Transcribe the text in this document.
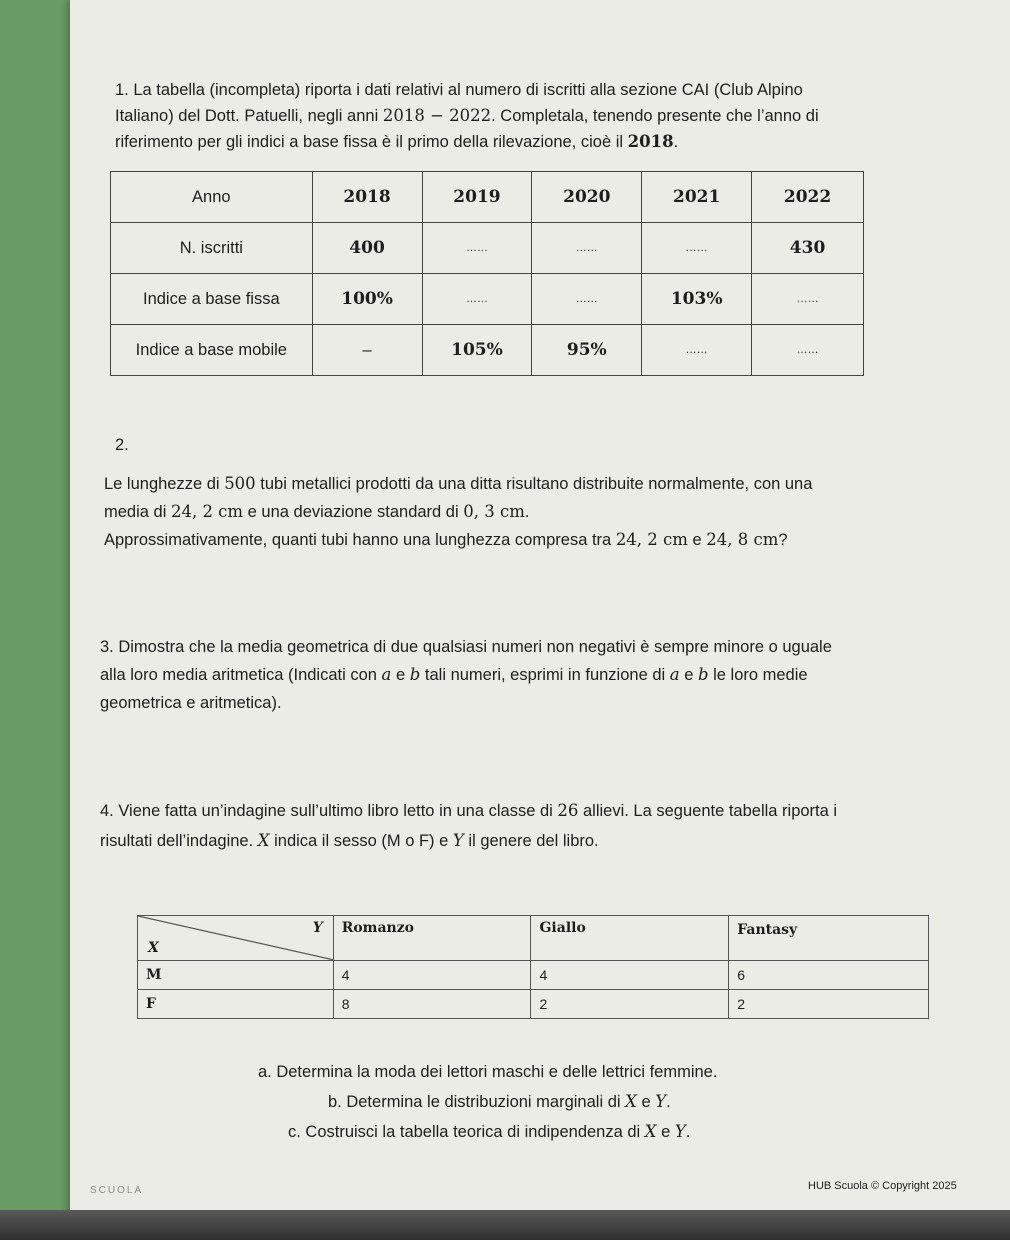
1. La tabella (incompleta) riporta i dati relativi al numero di iscritti alla sezione CAI (Club Alpino
Italiano) del Dott. Patuelli, negli anni 2018 − 2022. Completala, tenendo presente che l’anno di
riferimento per gli indici a base fissa è il primo della rilevazione, cioè il 2018.
Anno	2018	2019	2020	2021	2022
N. iscritti	400	……	……	……	430
Indice a base fissa	100%	……	……	103%	……
Indice a base mobile	–	105%	95%	……	……
2.
Le lunghezze di 500 tubi metallici prodotti da una ditta risultano distribuite normalmente, con una
media di 24, 2 cm e una deviazione standard di 0, 3 cm.
Approssimativamente, quanti tubi hanno una lunghezza compresa tra 24, 2 cm e 24, 8 cm?
3. Dimostra che la media geometrica di due qualsiasi numeri non negativi è sempre minore o uguale
alla loro media aritmetica (Indicati con a e b tali numeri, esprimi in funzione di a e b le loro medie
geometrica e aritmetica).
4. Viene fatta un’indagine sull’ultimo libro letto in una classe di 26 allievi. La seguente tabella riporta i
risultati dell’indagine. X indica il sesso (M o F) e Y il genere del libro.
Y
X	Romanzo	Giallo	Fantasy
M	4	4	6
F	8	2	2
a. Determina la moda dei lettori maschi e delle lettrici femmine.
b. Determina le distribuzioni marginali di X e Y.
c. Costruisci la tabella teorica di indipendenza di X e Y.
SCUOLA	HUB Scuola © Copyright 2025
